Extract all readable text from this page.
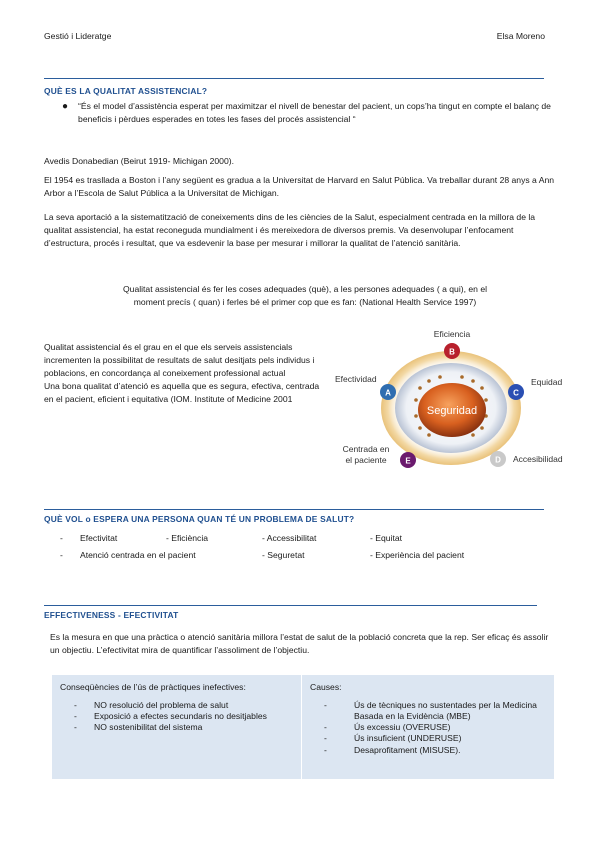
Gestió i Lideratge	Elsa Moreno
QUÈ ES LA QUALITAT ASSISTENCIAL?
● “És el model d’assistència esperat per maximitzar el nivell de benestar del pacient, un cops’ha tingut en compte el balanç de beneficis i pèrdues esperades en totes les fases del procés assistencial “

Avedis Donabedian (Beirut 1919- Michigan 2000).

El 1954 es trasllada a Boston i l’any següent es gradua a la Universitat de Harvard en Salut Pública. Va treballar durant 28 anys a Ann Arbor a l’Escola de Salut Pública a la Universitat de Michigan.

La seva aportació a la sistematització de coneixements dins de les ciències de la Salut, especialment centrada en la millora de la qualitat assistencial, ha estat reconeguda mundialment i és mereixedora de diversos premis. Va desenvolupar l’enfocament d’estructura, procés i resultat, que va esdevenir la base per mesurar i millorar la qualitat de l’atenció sanitària.

Qualitat assistencial és fer les coses adequades (què), a les persones adequades ( a qui), en el moment precís ( quan) i ferles bé el primer cop que es fan: (National Health Service 1997)

Qualitat assistencial és el grau en el que els serveis assistencials incrementen la possibilitat de resultats de salut desitjats pels individus i poblacions, en concordança al coneixement professional actual

Una bona qualitat d’atenció es aquella que es segura, efectiva, centrada en el pacient, eficient i equitativa (IOM. Institute of Medicine 2001

Seguridad
B
Eficiencia
C
Equidad
D Accesibilidad
E
Centrada en
el paciente
A
Efectividad
QUÈ VOL o ESPERA UNA PERSONA QUAN TÉ UN PROBLEMA DE SALUT?
-	Efectivitat	- Eficiència	- Accessibilitat	- Equitat
-	Atenció centrada en el pacient	- Seguretat	- Experiència del pacient
EFFECTIVENESS - EFECTIVITAT

Es la mesura en que una pràctica o atenció sanitària millora l’estat de salut de la població concreta que la rep. Ser eficaç és assolir un objectiu. L’efectivitat mira de quantificar l’assoliment de l’objectiu.

Conseqüències de l’ús de pràctiques inefectives:
-	NO resolució del problema de salut
-	Exposició a efectes secundaris no desitjables
-	NO sostenibilitat del sistema
Causes:
-	Ús de tècniques no sustentades per la Medicina Basada en la Evidència (MBE)
-	Ús excessiu (OVERUSE)
-	Ús insuficient (UNDERUSE)
-	Desaprofitament (MISUSE).
